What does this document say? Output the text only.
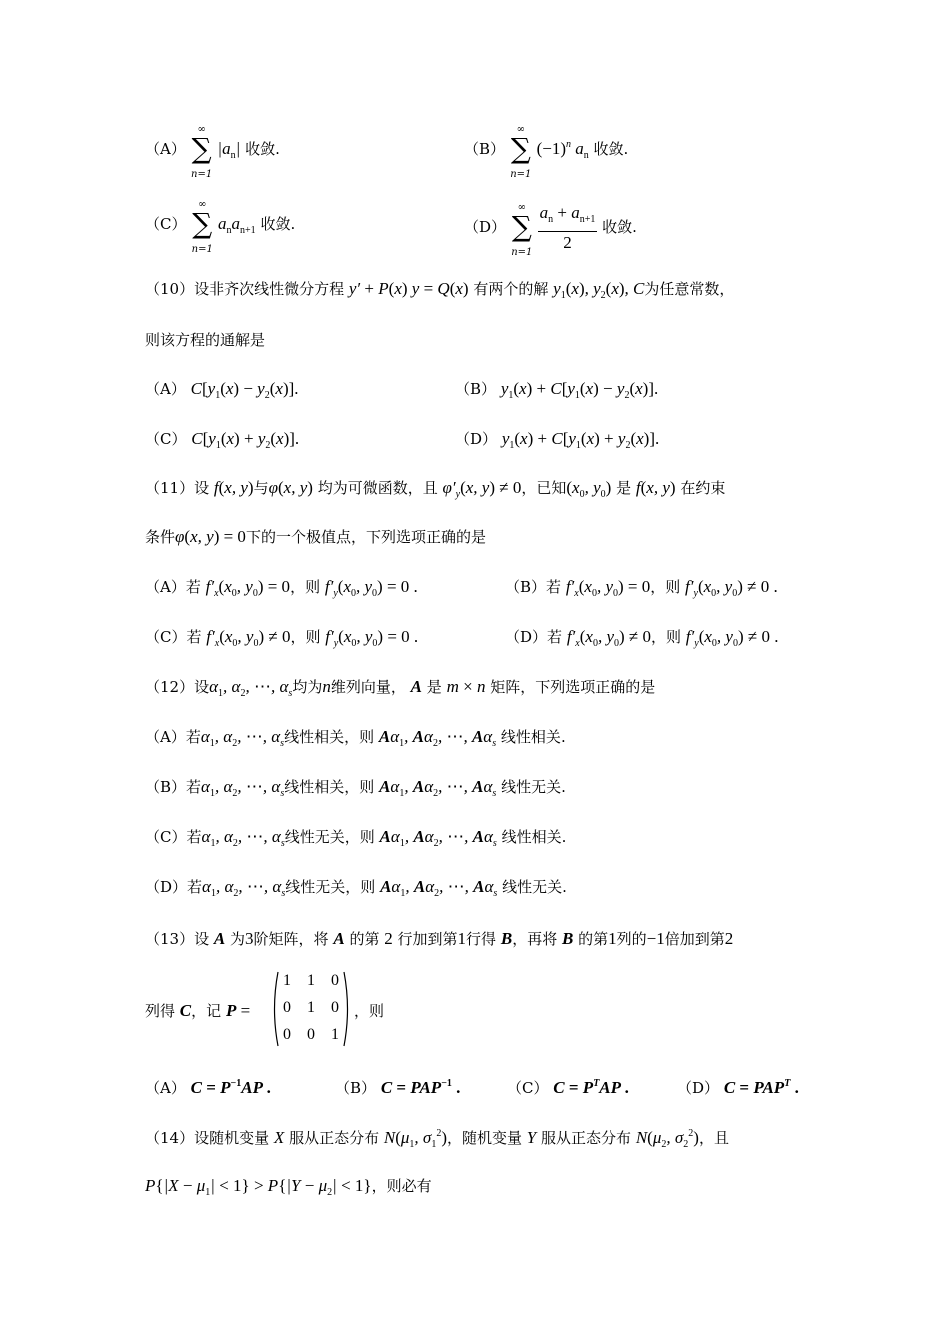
（A）
∞
∑
n=1
$|a_n|$ 收敛.	（B）
∞
∑
n=1
$(-1)^n$ $a_n$ 收敛.
（C）
∞
∑
n=1
$a_na_{n+1}$ 收敛.	（D）
∞
∑
n=1
$\frac{a_n + a_{n+1}}{2}$ 收敛.
（10）设非齐次线性微分方程 y′ + P(x) y = Q(x) 有两个的解 $y_1(x)$, $y_2(x)$, C为任意常数，
则该方程的通解是
（A） $C[y_1(x) - y_2(x)]$.	（B） $y_1(x) + C[y_1(x) - y_2(x)]$.
（C） $C[y_1(x) + y_2(x)]$.	（D） $y_1(x) + C[y_1(x) + y_2(x)]$.
（11）设 f(x, y)与φ(x, y) 均为可微函数，且 $\varphi'_y(x$, y) ≠ 0，已知($x_0$, $y_0$) 是 f(x, y) 在约束
条件φ(x, y) = 0下的一个极值点，下列选项正确的是
（A）若 $f'_x(x_0$, $y_0) = 0$，则 $f'_y(x_0$, $y_0) = 0$ .	（B）若 $f'_x(x_0$, $y_0) = 0$，则 $f'_y(x_0$, $y_0) \ne 0$ .
（C）若 $f'_x(x_0$, $y_0) \ne 0$，则 $f'_y(x_0$, $y_0) = 0$ .	（D）若 $f'_x(x_0$, $y_0) \ne 0$，则 $f'_y(x_0$, $y_0) \ne 0$ .
（12）设$\alpha_1$, $\alpha_2$, ⋯, $\alpha_s$均为n维列向量， A 是 m × n 矩阵，下列选项正确的是
（A）若$\alpha_1$, $\alpha_2$, ⋯, $\alpha_s$线性相关，则 $A\alpha_1$, $A\alpha_2$, ⋯, $A\alpha_s$ 线性相关.
（B）若$\alpha_1$, $\alpha_2$, ⋯, $\alpha_s$线性相关，则 $A\alpha_1$, $A\alpha_2$, ⋯, $A\alpha_s$ 线性无关.
（C）若$\alpha_1$, $\alpha_2$, ⋯, $\alpha_s$线性无关，则 $A\alpha_1$, $A\alpha_2$, ⋯, $A\alpha_s$ 线性相关.
（D）若$\alpha_1$, $\alpha_2$, ⋯, $\alpha_s$线性无关，则 $A\alpha_1$, $A\alpha_2$, ⋯, $A\alpha_s$ 线性无关.
（13）设 A 为3阶矩阵，将 A 的第 2 行加到第1行得 B，再将 B 的第1列的−1倍加到第2
列得 C，记 P =
1	1	0
0	1	0
0	0	1
，则
（A） $C = P^{-1}AP$ .	（B） $C = PAP^{-1}$ .	（C） $C = P^TAP$ .	（D） $C = PAP^T$ .
（14）设随机变量 X 服从正态分布 $N(\mu_1$, $\sigma_1^2$)，随机变量 Y 服从正态分布 $N(\mu_2$, $\sigma_2^2$)，且
$P\{|X - \mu_1| < 1\} > P\{|Y - \mu_2| < 1\}$，则必有
